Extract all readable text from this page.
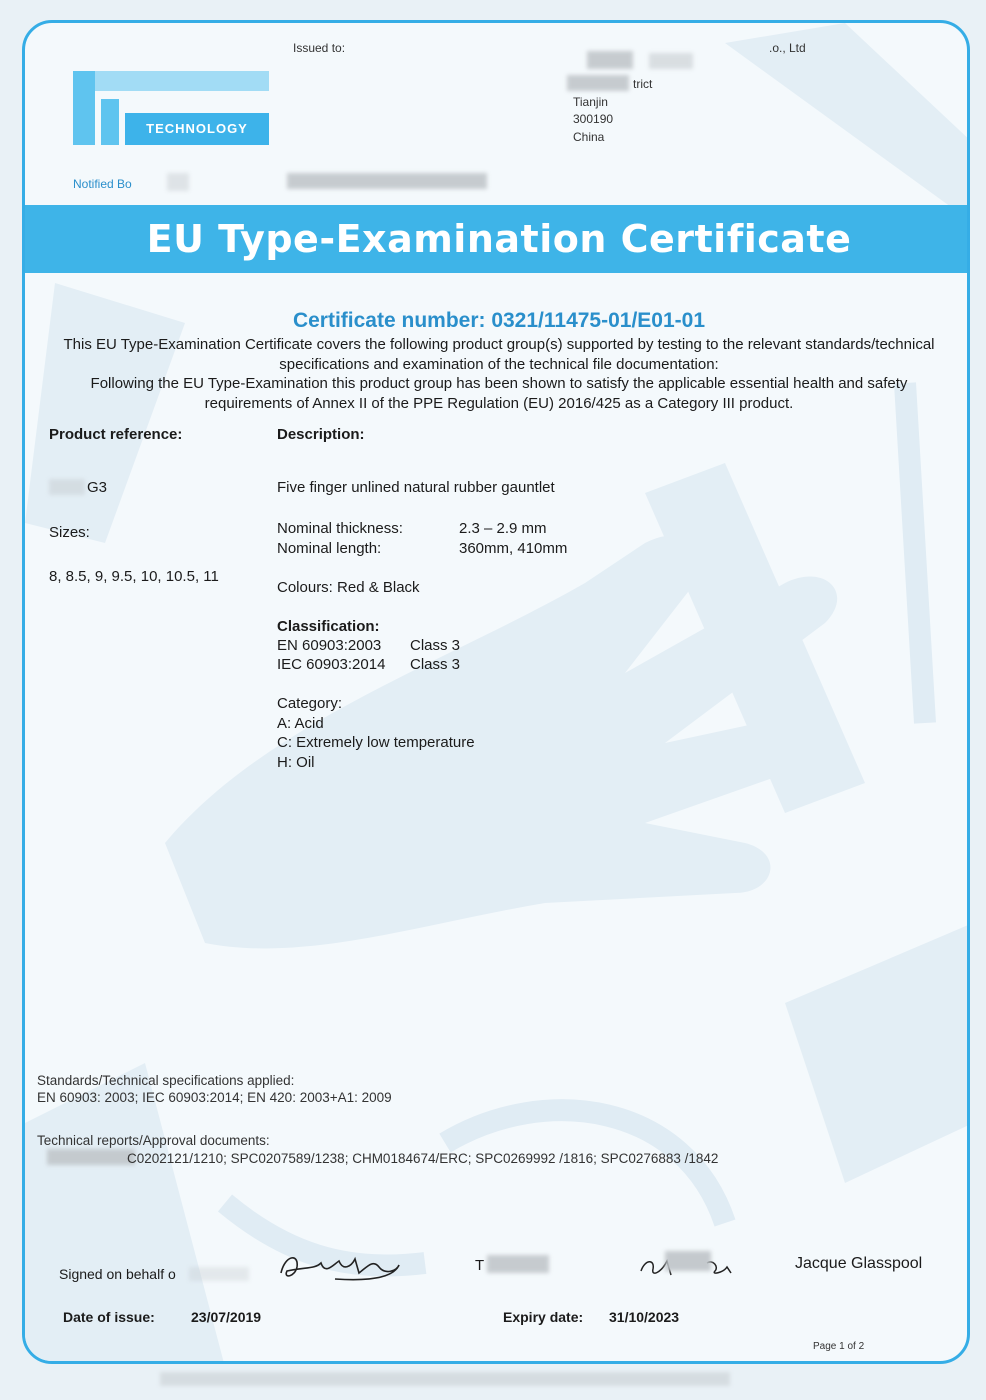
TECHNOLOGY
Issued to:	.o., Ltd
trict
Tianjin
300190
China
Notified Bo
EU Type-Examination Certificate
Certificate number: 0321/11475-01/E01-01
This EU Type-Examination Certificate covers the following product group(s) supported by testing to the relevant standards/technical specifications and examination of the technical file documentation:
Following the EU Type-Examination this product group has been shown to satisfy the applicable essential health and safety requirements of Annex II of the PPE Regulation (EU) 2016/425 as a Category III product.
Product reference:
G3
Sizes:
8, 8.5, 9, 9.5, 10, 10.5, 11
Description:
Five finger unlined natural rubber gauntlet
Nominal thickness:	2.3 – 2.9 mm
Nominal length:	360mm, 410mm
Colours: Red & Black
Classification:
EN 60903:2003 Class 3
IEC 60903:2014 Class 3
Category:
A: Acid
C: Extremely low temperature
H: Oil
Standards/Technical specifications applied:
EN 60903: 2003; IEC 60903:2014; EN 420: 2003+A1: 2009
Technical reports/Approval documents:
C0202121/1210; SPC0207589/1238; CHM0184674/ERC; SPC0269992 /1816; SPC0276883 /1842
Signed on behalf o	T	Jacque Glasspool
Date of issue:	23/07/2019	Expiry date: 31/10/2023
Page 1 of 2
